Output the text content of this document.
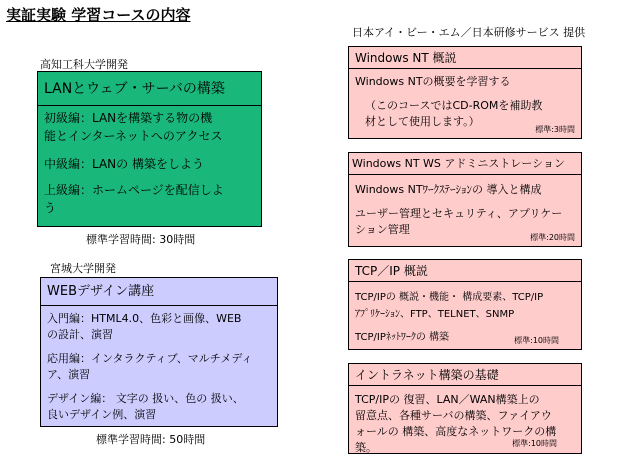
実証実験 学習コースの内容
日本アイ・ビー・エム／日本研修サービス 提供
高知工科大学開発
LANとウェブ・サーバの構築
初級編：LANを構築する物の機
能とインターネットへのアクセス
中級編：LANの 構築をしよう
上級編：ホームページを配信しよ
う
標準学習時間: 30時間
宮城大学開発
WEBデザイン講座
入門編：HTML4.0、色彩と画像、WEB
の設計、演習
応用編：インタラクティブ、マルチメディ
ア、演習
デザイン編： 文字の 扱い、色の 扱い、
良いデザイン例、演習
標準学習時間: 50時間
Windows NT 概説
Windows NTの概要を学習する
（このコースではCD-ROMを補助教
材として使用します。）
標準:3時間
Windows NT WS アドミニストレーション
Windows NTﾜｰｸｽﾃｰｼｮﾝの 導入と構成
ユーザー管理とセキュリティ、アプリケー
ション管理
標準:20時間
TCP／IP 概説
TCP/IPの 概説・機能・ 構成要素、TCP/IP
ｱﾌﾟﾘｹｰｼｮﾝ、FTP、TELNET、SNMP
TCP/IPﾈｯﾄﾜｰｸの 構築	標準:10時間
イントラネット構築の基礎
TCP/IPの 復習、LAN／WAN構築上の
留意点、各種サーバの構築、ファイアウ
ォールの 構築、高度なネットワークの構
築。	標準:10時間
